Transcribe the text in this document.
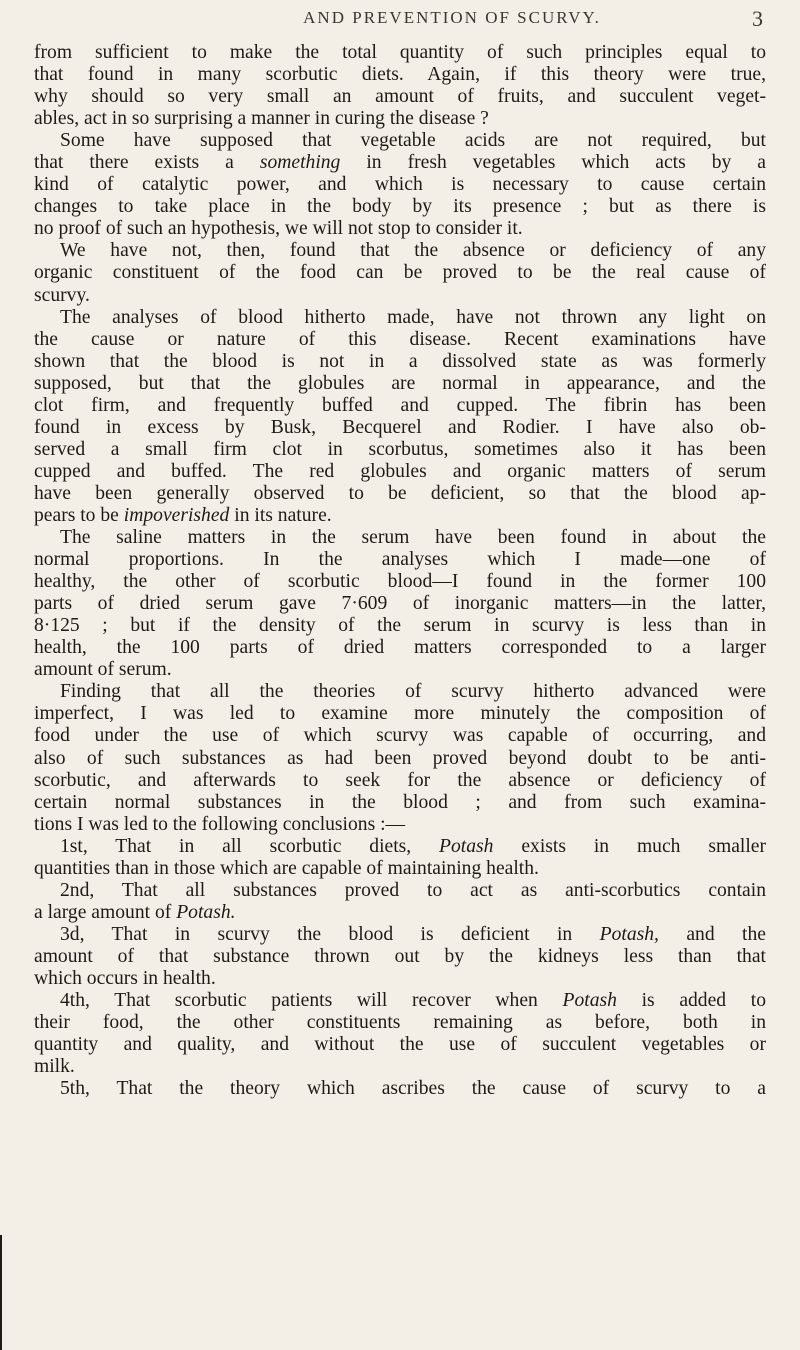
AND PREVENTION OF SCURVY.	3
from sufficient to make the total quantity of such principles equal to
that found in many scorbutic diets. Again, if this theory were true,
why should so very small an amount of fruits, and succulent veget-
ables, act in so surprising a manner in curing the disease ?
Some have supposed that vegetable acids are not required, but
that there exists a something in fresh vegetables which acts by a
kind of catalytic power, and which is necessary to cause certain
changes to take place in the body by its presence ; but as there is
no proof of such an hypothesis, we will not stop to consider it.
We have not, then, found that the absence or deficiency of any
organic constituent of the food can be proved to be the real cause of
scurvy.
The analyses of blood hitherto made, have not thrown any light on
the cause or nature of this disease. Recent examinations have
shown that the blood is not in a dissolved state as was formerly
supposed, but that the globules are normal in appearance, and the
clot firm, and frequently buffed and cupped. The fibrin has been
found in excess by Busk, Becquerel and Rodier. I have also ob-
served a small firm clot in scorbutus, sometimes also it has been
cupped and buffed. The red globules and organic matters of serum
have been generally observed to be deficient, so that the blood ap-
pears to be impoverished in its nature.
The saline matters in the serum have been found in about the
normal proportions. In the analyses which I made—one of
healthy, the other of scorbutic blood—I found in the former 100
parts of dried serum gave 7·609 of inorganic matters—in the latter,
8·125 ; but if the density of the serum in scurvy is less than in
health, the 100 parts of dried matters corresponded to a larger
amount of serum.
Finding that all the theories of scurvy hitherto advanced were
imperfect, I was led to examine more minutely the composition of
food under the use of which scurvy was capable of occurring, and
also of such substances as had been proved beyond doubt to be anti-
scorbutic, and afterwards to seek for the absence or deficiency of
certain normal substances in the blood ; and from such examina-
tions I was led to the following conclusions :—
1st, That in all scorbutic diets, Potash exists in much smaller
quantities than in those which are capable of maintaining health.
2nd, That all substances proved to act as anti-scorbutics contain
a large amount of Potash.
3d, That in scurvy the blood is deficient in Potash, and the
amount of that substance thrown out by the kidneys less than that
which occurs in health.
4th, That scorbutic patients will recover when Potash is added to
their food, the other constituents remaining as before, both in
quantity and quality, and without the use of succulent vegetables or
milk.
5th, That the theory which ascribes the cause of scurvy to a
